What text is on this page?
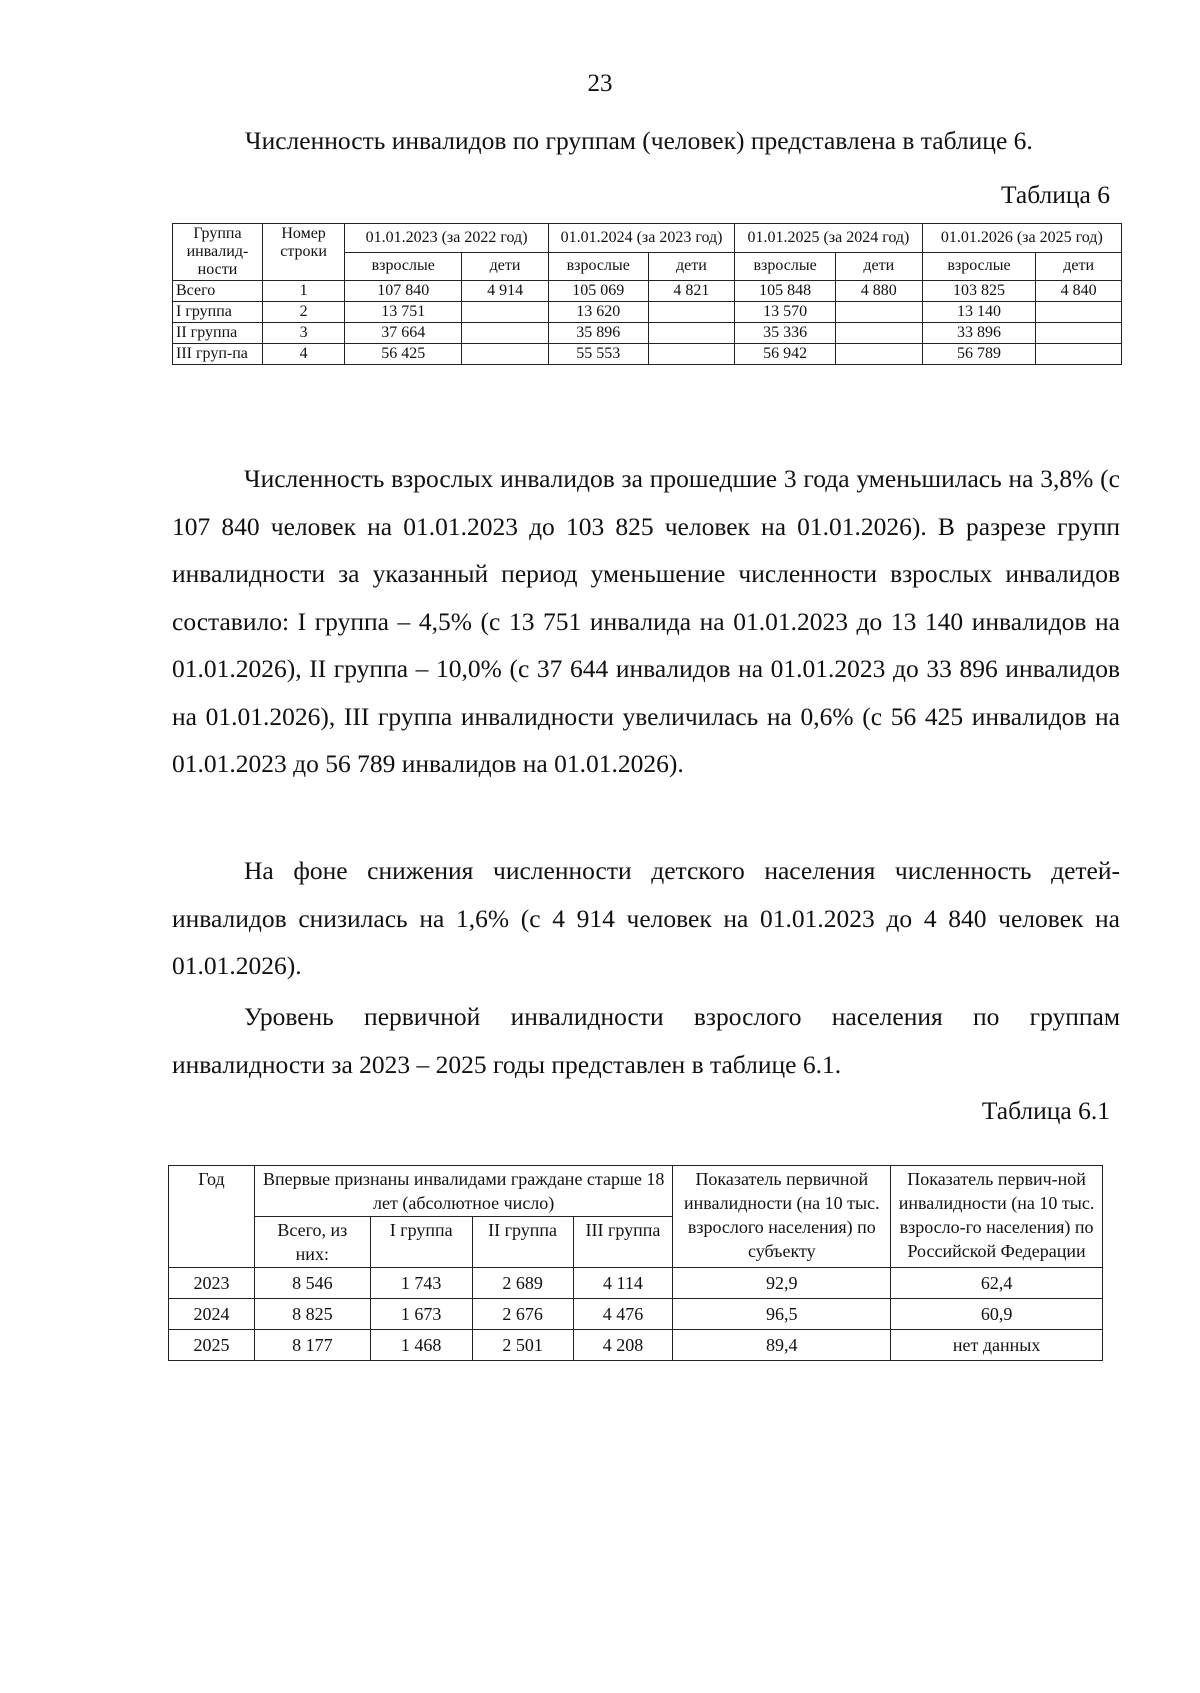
23
Численность инвалидов по группам (человек) представлена в таблице 6.
Таблица 6
Группа инвалид-ности	Номер строки	01.01.2023 (за 2022 год)		01.01.2024 (за 2023 год)		01.01.2025 (за 2024 год)		01.01.2026 (за 2025 год)	
		взрослые	дети	взрослые	дети	взрослые	дети	взрослые	дети
Всего	1	107 840	4 914	105 069	4 821	105 848	4 880	103 825	4 840
I группа	2	13 751		13 620		13 570		13 140	
II группа	3	37 664		35 896		35 336		33 896	
III груп-па	4	56 425		55 553		56 942		56 789	

Численность взрослых инвалидов за прошедшие 3 года уменьшилась на 3,8% (с 107 840 человек на 01.01.2023 до 103 825 человек на 01.01.2026). В разрезе групп инвалидности за указанный период уменьшение численности взрослых инвалидов составило: I группа – 4,5% (с 13 751 инвалида на 01.01.2023 до 13 140 инвалидов на 01.01.2026), II группа – 10,0% (с 37 644 инвалидов на 01.01.2023 до 33 896 инвалидов на 01.01.2026), III группа инвалидности увеличилась на 0,6% (с 56 425 инвалидов на 01.01.2023 до 56 789 инвалидов на 01.01.2026).

На фоне снижения численности детского населения численность детей-инвалидов снизилась на 1,6% (с 4 914 человек на 01.01.2023 до 4 840 человек на 01.01.2026).

Уровень первичной инвалидности взрослого населения по группам инвалидности за 2023 – 2025 годы представлен в таблице 6.1.

Таблица 6.1
Год	Впервые признаны инвалидами граждане старше 18 лет (абсолютное число)				Показатель первичной инвалидности (на 10 тыс. взрослого населения) по субъекту	Показатель первич-ной инвалидности (на 10 тыс. взросло-го населения) по Российской Федерации
	Всего, из них:	I группа	II группа	III группа		
2023	8 546	1 743	2 689	4 114	92,9	62,4
2024	8 825	1 673	2 676	4 476	96,5	60,9
2025	8 177	1 468	2 501	4 208	89,4	нет данных
